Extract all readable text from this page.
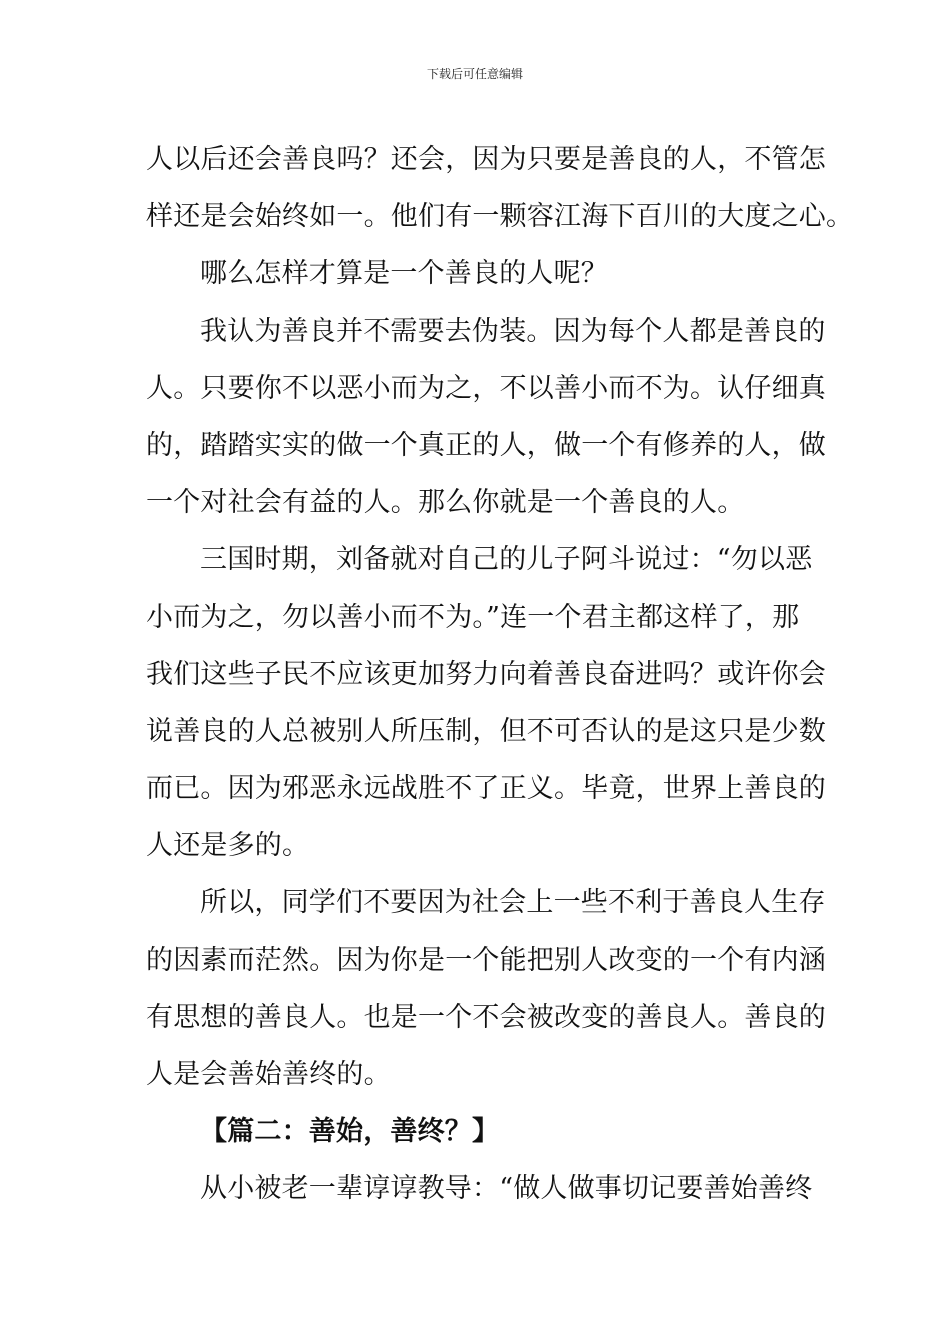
下载后可任意编辑
人以后还会善良吗？还会，因为只要是善良的人，不管怎
样还是会始终如一。他们有一颗容江海下百川的大度之心。
哪么怎样才算是一个善良的人呢？
我认为善良并不需要去伪装。因为每个人都是善良的
人。只要你不以恶小而为之，不以善小而不为。认仔细真
的，踏踏实实的做一个真正的人，做一个有修养的人，做
一个对社会有益的人。那么你就是一个善良的人。
三国时期，刘备就对自己的儿子阿斗说过：“勿以恶
小而为之，勿以善小而不为。”连一个君主都这样了，那
我们这些子民不应该更加努力向着善良奋进吗？或许你会
说善良的人总被别人所压制，但不可否认的是这只是少数
而已。因为邪恶永远战胜不了正义。毕竟，世界上善良的
人还是多的。
所以，同学们不要因为社会上一些不利于善良人生存
的因素而茫然。因为你是一个能把别人改变的一个有内涵
有思想的善良人。也是一个不会被改变的善良人。善良的
人是会善始善终的。
【篇二：善始，善终？】
从小被老一辈谆谆教导：“做人做事切记要善始善终
